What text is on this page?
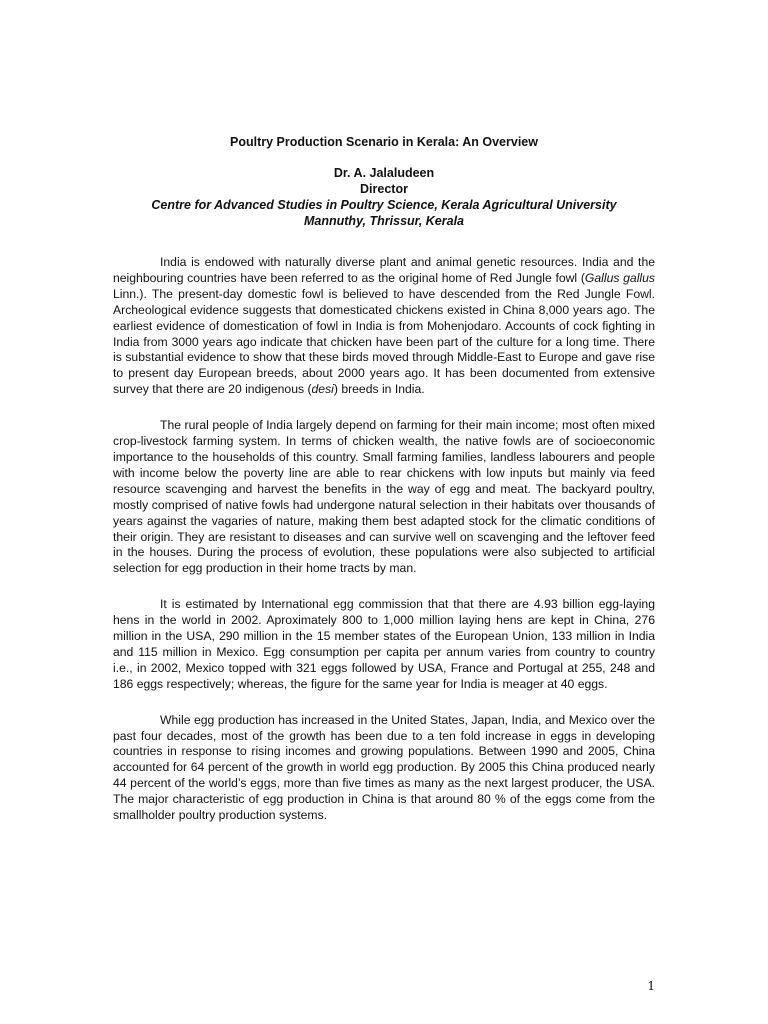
Poultry Production Scenario in Kerala: An Overview

Dr. A. Jalaludeen

Director

Centre for Advanced Studies in Poultry Science, Kerala Agricultural University

Mannuthy, Thrissur, Kerala

India is endowed with naturally diverse plant and animal genetic resources. India and the neighbouring countries have been referred to as the original home of Red Jungle fowl (Gallus gallus Linn.). The present-day domestic fowl is believed to have descended from the Red Jungle Fowl. Archeological evidence suggests that domesticated chickens existed in China 8,000 years ago. The earliest evidence of domestication of fowl in India is from Mohenjodaro. Accounts of cock fighting in India from 3000 years ago indicate that chicken have been part of the culture for a long time. There is substantial evidence to show that these birds moved through Middle-East to Europe and gave rise to present day European breeds, about 2000 years ago. It has been documented from extensive survey that there are 20 indigenous (desi) breeds in India.

The rural people of India largely depend on farming for their main income; most often mixed crop-livestock farming system. In terms of chicken wealth, the native fowls are of socioeconomic importance to the households of this country. Small farming families, landless labourers and people with income below the poverty line are able to rear chickens with low inputs but mainly via feed resource scavenging and harvest the benefits in the way of egg and meat. The backyard poultry, mostly comprised of native fowls had undergone natural selection in their habitats over thousands of years against the vagaries of nature, making them best adapted stock for the climatic conditions of their origin. They are resistant to diseases and can survive well on scavenging and the leftover feed in the houses. During the process of evolution, these populations were also subjected to artificial selection for egg production in their home tracts by man.

It is estimated by International egg commission that that there are 4.93 billion egg-laying hens in the world in 2002. Aproximately 800 to 1,000 million laying hens are kept in China, 276 million in the USA, 290 million in the 15 member states of the European Union, 133 million in India and 115 million in Mexico. Egg consumption per capita per annum varies from country to country i.e., in 2002, Mexico topped with 321 eggs followed by USA, France and Portugal at 255, 248 and 186 eggs respectively; whereas, the figure for the same year for India is meager at 40 eggs.

While egg production has increased in the United States, Japan, India, and Mexico over the past four decades, most of the growth has been due to a ten fold increase in eggs in developing countries in response to rising incomes and growing populations. Between 1990 and 2005, China accounted for 64 percent of the growth in world egg production. By 2005 this China produced nearly 44 percent of the world’s eggs, more than five times as many as the next largest producer, the USA. The major characteristic of egg production in China is that around 80 % of the eggs come from the smallholder poultry production systems.

1
